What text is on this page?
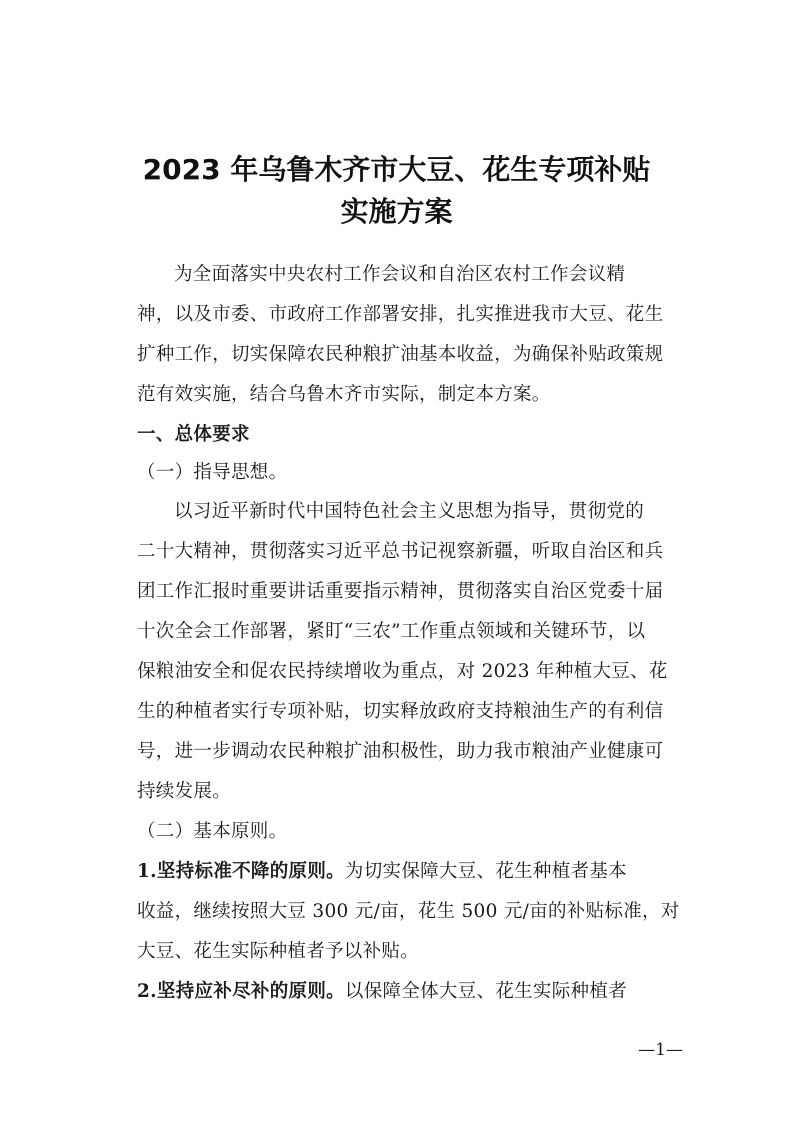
2023 年乌鲁木齐市大豆、花生专项补贴
实施方案
为全面落实中央农村工作会议和自治区农村工作会议精
神，以及市委、市政府工作部署安排，扎实推进我市大豆、花生
扩种工作，切实保障农民种粮扩油基本收益，为确保补贴政策规
范有效实施，结合乌鲁木齐市实际，制定本方案。
一、总体要求
（一）指导思想。
以习近平新时代中国特色社会主义思想为指导，贯彻党的
二十大精神，贯彻落实习近平总书记视察新疆，听取自治区和兵
团工作汇报时重要讲话重要指示精神，贯彻落实自治区党委十届
十次全会工作部署，紧盯“三农”工作重点领域和关键环节，以
保粮油安全和促农民持续增收为重点，对 2023 年种植大豆、花
生的种植者实行专项补贴，切实释放政府支持粮油生产的有利信
号，进一步调动农民种粮扩油积极性，助力我市粮油产业健康可
持续发展。
（二）基本原则。
1.坚持标准不降的原则。为切实保障大豆、花生种植者基本
收益，继续按照大豆 300 元/亩，花生 500 元/亩的补贴标准，对
大豆、花生实际种植者予以补贴。
2.坚持应补尽补的原则。以保障全体大豆、花生实际种植者
—1—
